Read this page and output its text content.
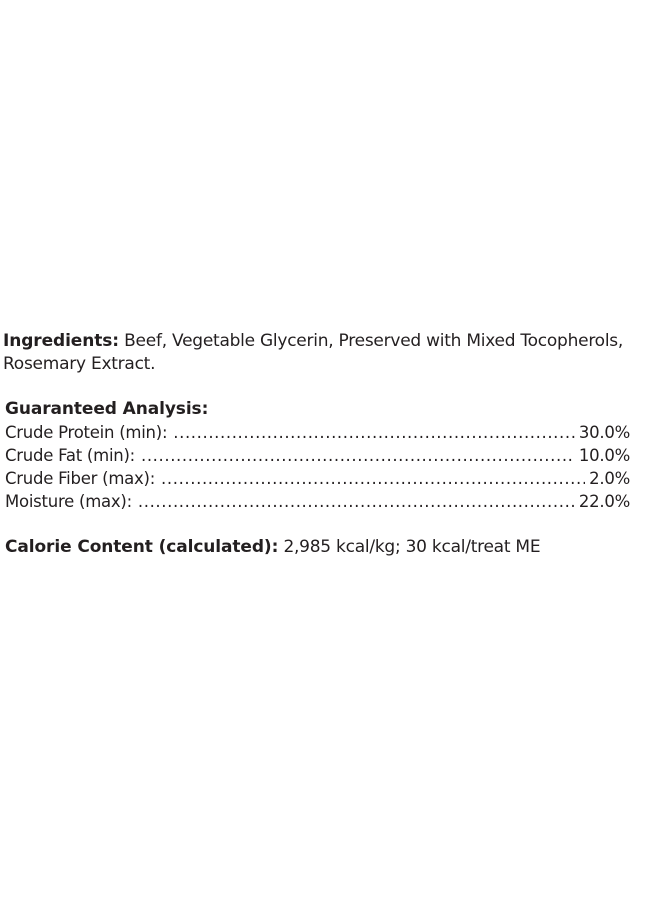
Ingredients: Beef, Vegetable Glycerin, Preserved with Mixed Tocopherols, Rosemary Extract.
Guaranteed Analysis:
Crude Protein (min): .....	30.0%
Crude Fat (min): .....	10.0%
Crude Fiber (max): .....	2.0%
Moisture (max): .....	22.0%
Calorie Content (calculated): 2,985 kcal/kg; 30 kcal/treat ME
